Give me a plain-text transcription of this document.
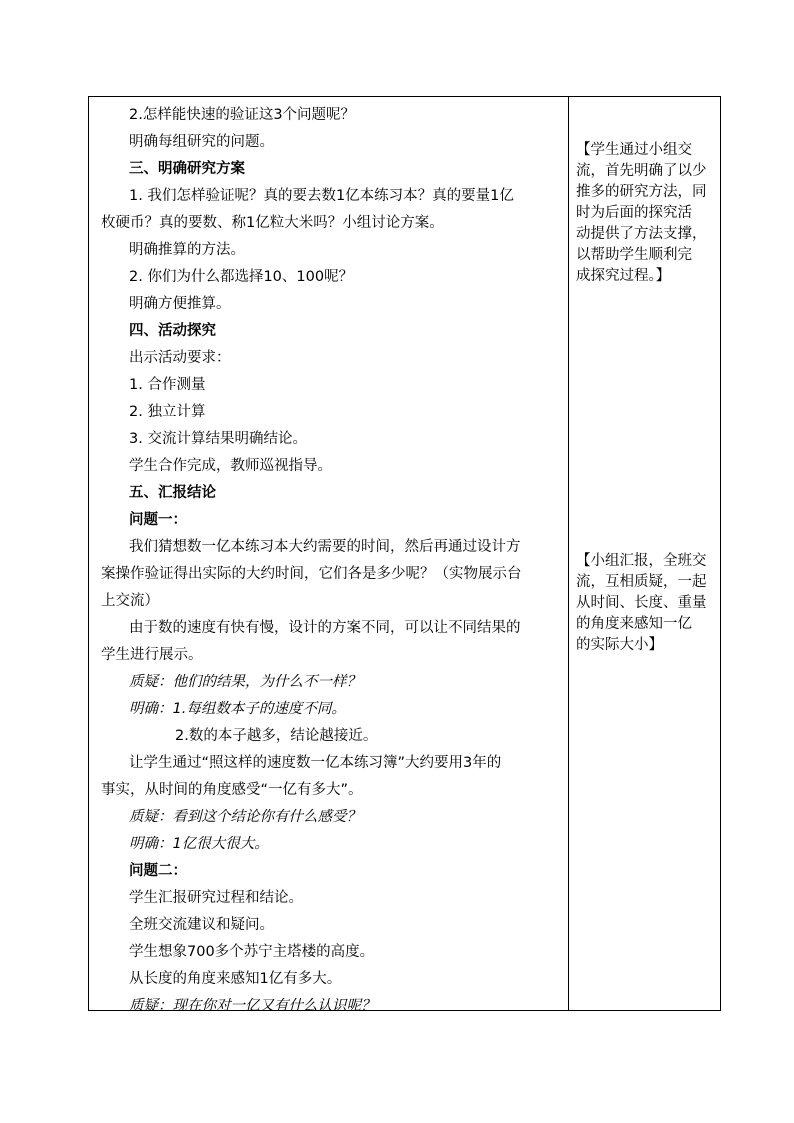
2.怎样能快速的验证这3个问题呢？
明确每组研究的问题。
三、明确研究方案
1. 我们怎样验证呢？真的要去数1亿本练习本？真的要量1亿
枚硬币？真的要数、称1亿粒大米吗？小组讨论方案。
明确推算的方法。
2. 你们为什么都选择10、100呢？
明确方便推算。
四、活动探究
出示活动要求：
1. 合作测量
2. 独立计算
3. 交流计算结果明确结论。
学生合作完成，教师巡视指导。
五、汇报结论
问题一：
我们猜想数一亿本练习本大约需要的时间，然后再通过设计方
案操作验证得出实际的大约时间，它们各是多少呢？（实物展示台
上交流）
由于数的速度有快有慢，设计的方案不同，可以让不同结果的
学生进行展示。
质疑：他们的结果，为什么不一样？
明确：1.每组数本子的速度不同。
2.数的本子越多，结论越接近。
让学生通过“照这样的速度数一亿本练习簿”大约要用3年的
事实，从时间的角度感受“一亿有多大”。
质疑：看到这个结论你有什么感受？
明确：1亿很大很大。
问题二：
学生汇报研究过程和结论。
全班交流建议和疑问。
学生想象700多个苏宁主塔楼的高度。
从长度的角度来感知1亿有多大。
质疑：现在你对一亿又有什么认识呢？
【学生通过小组交
流，首先明确了以少
推多的研究方法，同
时为后面的探究活
动提供了方法支撑，
以帮助学生顺利完
成探究过程。】
【小组汇报，全班交
流，互相质疑，一起
从时间、长度、重量
的角度来感知一亿
的实际大小】
